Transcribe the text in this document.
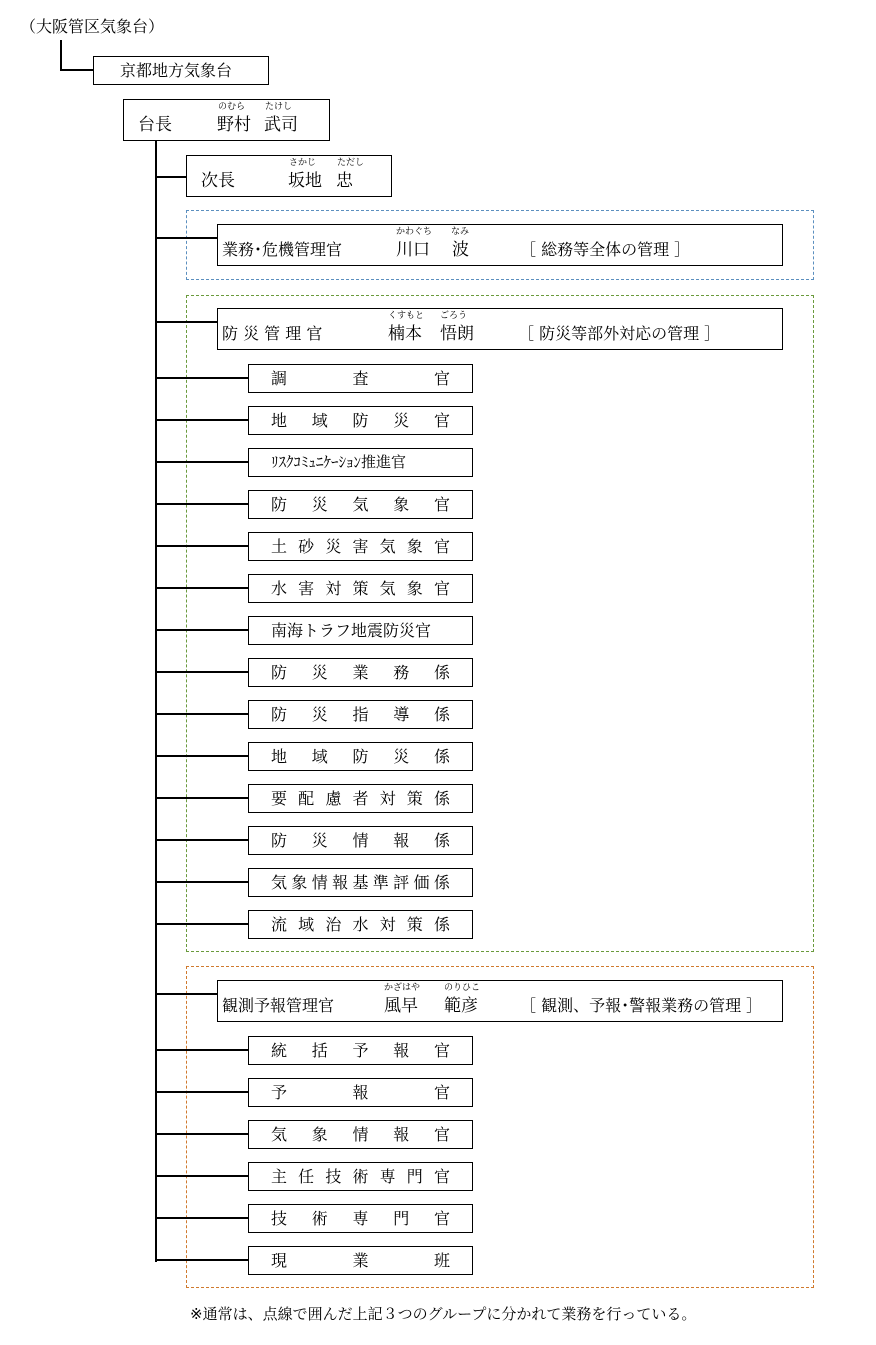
（大阪管区気象台）
京都地方気象台
台長
のむら
野村
たけし
武司
次長
さかじ
坂地
ただし
忠
業務･危機管理官
かわぐち
川口
なみ
波	［ 総務等全体の管理 ］
防 災 管 理 官
くすもと
楠本
ごろう
悟朗	［ 防災等部外対応の管理 ］
調	査	官
地 域 防 災 官
ﾘｽｸｺﾐｭﾆｹｰｼｮﾝ推進官
防 災 気 象 官
土 砂 災 害 気 象 官
水 害 対 策 気 象 官
南海トラフ地震防災官
防 災 業 務 係
防 災 指 導 係
地 域 防 災 係
要 配 慮 者 対 策 係
防 災 情 報 係
気 象 情 報 基 準 評 価 係
流 域 治 水 対 策 係
観測予報管理官
かざはや
風早
のりひこ
範彦	［ 観測、予報･警報業務の管理 ］
統 括 予 報 官
予	報	官
気 象 情 報 官
主 任 技 術 専 門 官
技 術 専 門 官
現	業	班
※通常は、点線で囲んだ上記３つのグループに分かれて業務を行っている。
